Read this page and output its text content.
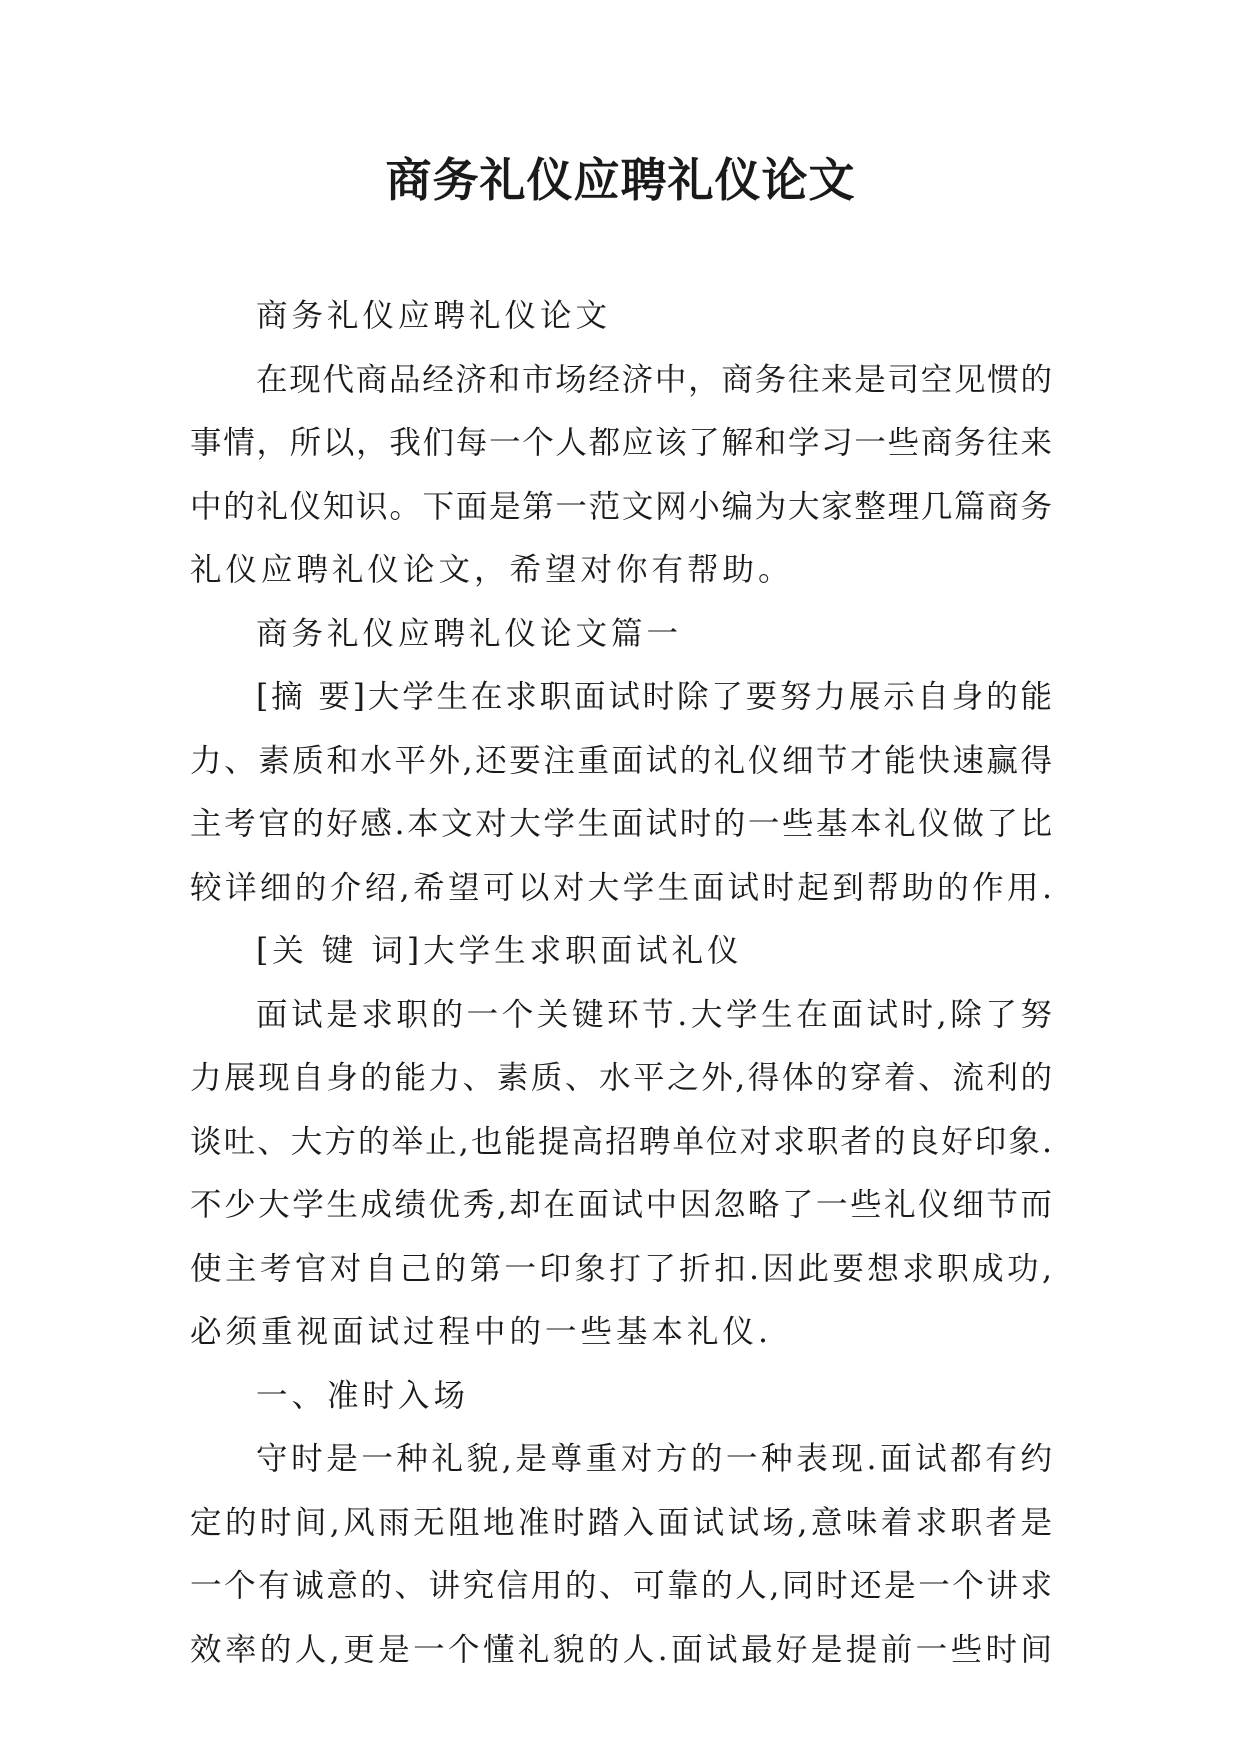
商务礼仪应聘礼仪论文
商务礼仪应聘礼仪论文
在现代商品经济和市场经济中，商务往来是司空见惯的
事情，所以，我们每一个人都应该了解和学习一些商务往来
中的礼仪知识。下面是第一范文网小编为大家整理几篇商务
礼仪应聘礼仪论文，希望对你有帮助。
商务礼仪应聘礼仪论文篇一
[摘 要]大学生在求职面试时除了要努力展示自身的能
力、素质和水平外,还要注重面试的礼仪细节才能快速赢得
主考官的好感.本文对大学生面试时的一些基本礼仪做了比
较详细的介绍,希望可以对大学生面试时起到帮助的作用.
[关 键 词]大学生求职面试礼仪
面试是求职的一个关键环节.大学生在面试时,除了努
力展现自身的能力、素质、水平之外,得体的穿着、流利的
谈吐、大方的举止,也能提高招聘单位对求职者的良好印象.
不少大学生成绩优秀,却在面试中因忽略了一些礼仪细节而
使主考官对自己的第一印象打了折扣.因此要想求职成功,
必须重视面试过程中的一些基本礼仪.
一、准时入场
守时是一种礼貌,是尊重对方的一种表现.面试都有约
定的时间,风雨无阻地准时踏入面试试场,意味着求职者是
一个有诚意的、讲究信用的、可靠的人,同时还是一个讲求
效率的人,更是一个懂礼貌的人.面试最好是提前一些时间
